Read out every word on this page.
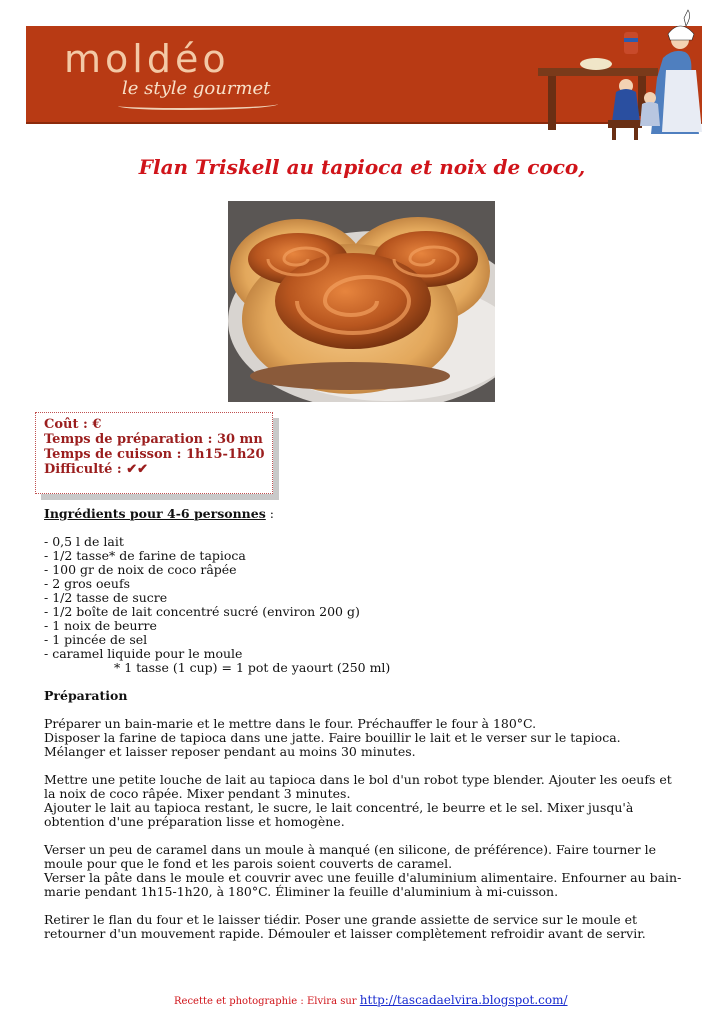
moldéo
le style gourmet
Flan Triskell au tapioca et noix de coco,
Coût : €
Temps de préparation : 30 mn
Temps de cuisson : 1h15-1h20
Difficulté : ✔✔

Ingrédients pour 4-6 personnes :

- 0,5 l de lait

- 1/2 tasse* de farine de tapioca

- 100 gr de noix de coco râpée

- 2 gros oeufs

- 1/2 tasse de sucre

- 1/2 boîte de lait concentré sucré (environ 200 g)

- 1 noix de beurre

- 1 pincée de sel

- caramel liquide pour le moule

* 1 tasse (1 cup) = 1 pot de yaourt (250 ml)

Préparation

Préparer un bain-marie et le mettre dans le four. Préchauffer le four à 180°C.

Disposer la farine de tapioca dans une jatte. Faire bouillir le lait et le verser sur le tapioca.

Mélanger et laisser reposer pendant au moins 30 minutes.

Mettre une petite louche de lait au tapioca dans le bol d'un robot type blender. Ajouter les oeufs et la noix de coco râpée. Mixer pendant 3 minutes.

Ajouter le lait au tapioca restant, le sucre, le lait concentré, le beurre et le sel. Mixer jusqu'à obtention d'une préparation lisse et homogène.

Verser un peu de caramel dans un moule à manqué (en silicone, de préférence). Faire tourner le moule pour que le fond et les parois soient couverts de caramel.

Verser la pâte dans le moule et couvrir avec une feuille d'aluminium alimentaire. Enfourner au bain-marie pendant 1h15-1h20, à 180°C. Éliminer la feuille d'aluminium à mi-cuisson.

Retirer le flan du four et le laisser tiédir. Poser une grande assiette de service sur le moule et retourner d'un mouvement rapide. Démouler et laisser complètement refroidir avant de servir.

Recette et photographie : Elvira sur http://tascadaelvira.blogspot.com/
